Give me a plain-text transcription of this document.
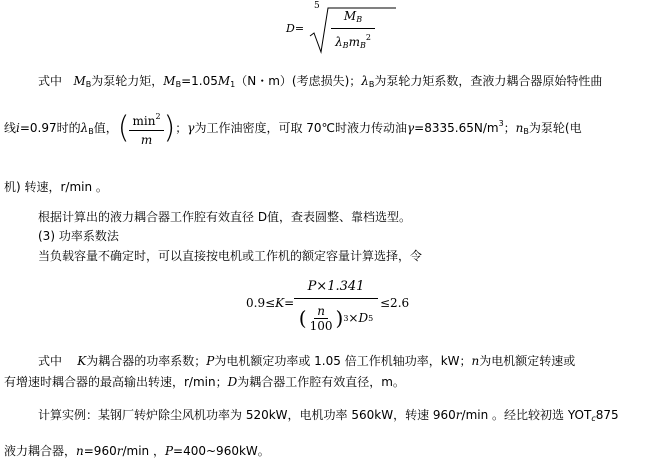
D=
5
$M_B$
$\lambda_Bm_B^2$
式中 $M_B$为泵轮力矩，$M_B=1.05M_1(N$・m）(考虑损失)；$\lambda_B$为泵轮力矩系数，查液力耦合器原始特性曲
线i=0.97时的$\lambda_B$值，( $\frac{\min^2}{m}$ )；γ为工作油密度，可取 70℃时液力传动油$\gamma=8335.65N/m^3$；$n_B$为泵轮(电
机) 转速，r/min 。
根据计算出的液力耦合器工作腔有效直径 D值，查表圆整、靠档选型。
(3) 功率系数法
当负载容量不确定时，可以直接按电机或工作机的额定容量计算选择，令
0.9≤K=
P×1.341
( $\frac{n}{100}$ ) 3 × D 5
≤2.6
式中 K为耦合器的功率系数；P为电机额定功率或 1.05 倍工作机轴功率，kW；n为电机额定转速或
有增速时耦合器的最高输出转速，r/min；D为耦合器工作腔有效直径，m。
计算实例：某钢厂转炉除尘风机功率为 520kW，电机功率 560kW，转速 960r/min 。经比较初选 $YOT_c875$
液力耦合器，n=960r/min ，P=400~960kW。
